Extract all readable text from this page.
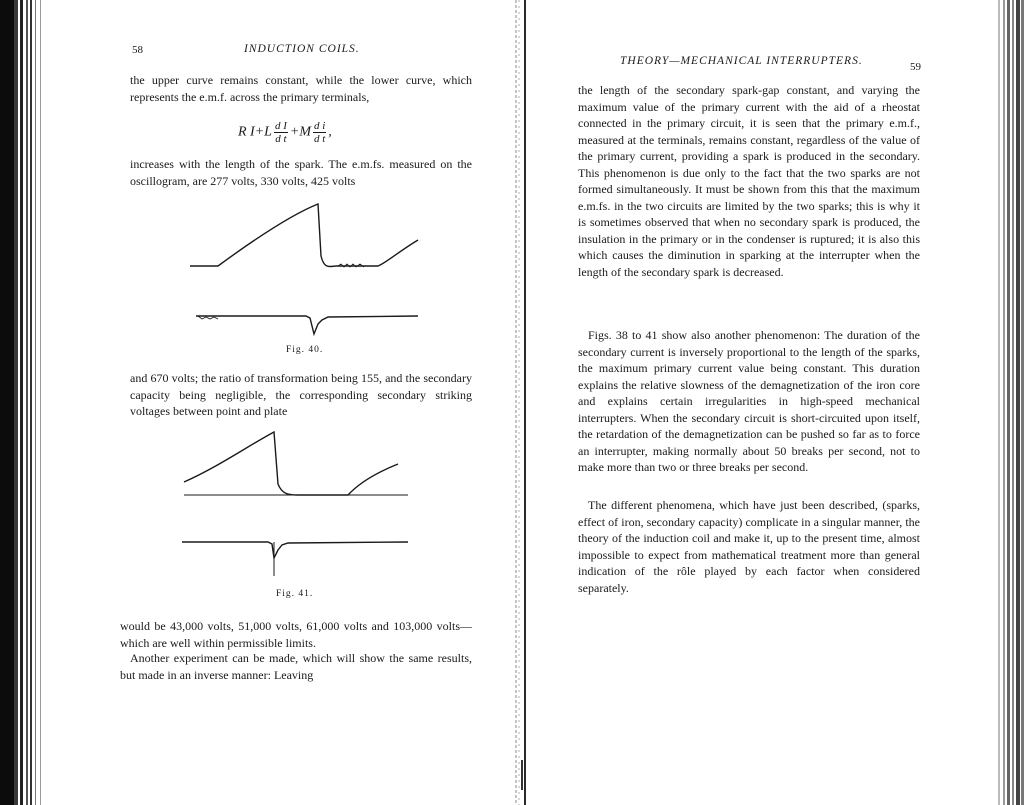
58	INDUCTION COILS.
the upper curve remains constant, while the lower curve, which represents the e.m.f. across the primary terminals,
R $I+L \frac{\text{d I}}{\text{d t}} +M \frac{\text{d i}}{\text{d t}}$ ,
increases with the length of the spark. The e.m.fs. measured on the oscillogram, are 277 volts, 330 volts, 425 volts
Fig. 40.
and 670 volts; the ratio of transformation being 155, and the secondary capacity being negligible, the corresponding secondary striking voltages between point and plate
Fig. 41.
would be 43,000 volts, 51,000 volts, 61,000 volts and 103,000 volts—which are well within permissible limits.
Another experiment can be made, which will show the same results, but made in an inverse manner: Leaving
THEORY—MECHANICAL INTERRUPTERS.	59
the length of the secondary spark-gap constant, and varying the maximum value of the primary current with the aid of a rheostat connected in the primary circuit, it is seen that the primary e.m.f., measured at the terminals, remains constant, regardless of the value of the primary current, providing a spark is produced in the secondary. This phenomenon is due only to the fact that the two sparks are not formed simultaneously. It must be shown from this that the maximum e.m.fs. in the two circuits are limited by the two sparks; this is why it is sometimes observed that when no secondary spark is produced, the insulation in the primary or in the condenser is ruptured; it is also this which causes the diminution in sparking at the interrupter when the length of the secondary spark is decreased.
Figs. 38 to 41 show also another phenomenon: The duration of the secondary current is inversely proportional to the length of the sparks, the maximum primary current value being constant. This duration explains the relative slowness of the demagnetization of the iron core and explains certain irregularities in high-speed mechanical interrupters. When the secondary circuit is short-circuited upon itself, the retardation of the demagnetization can be pushed so far as to force an interrupter, making normally about 50 breaks per second, not to make more than two or three breaks per second.
The different phenomena, which have just been described, (sparks, effect of iron, secondary capacity) complicate in a singular manner, the theory of the induction coil and make it, up to the present time, almost impossible to expect from mathematical treatment more than general indication of the rôle played by each factor when considered separately.
